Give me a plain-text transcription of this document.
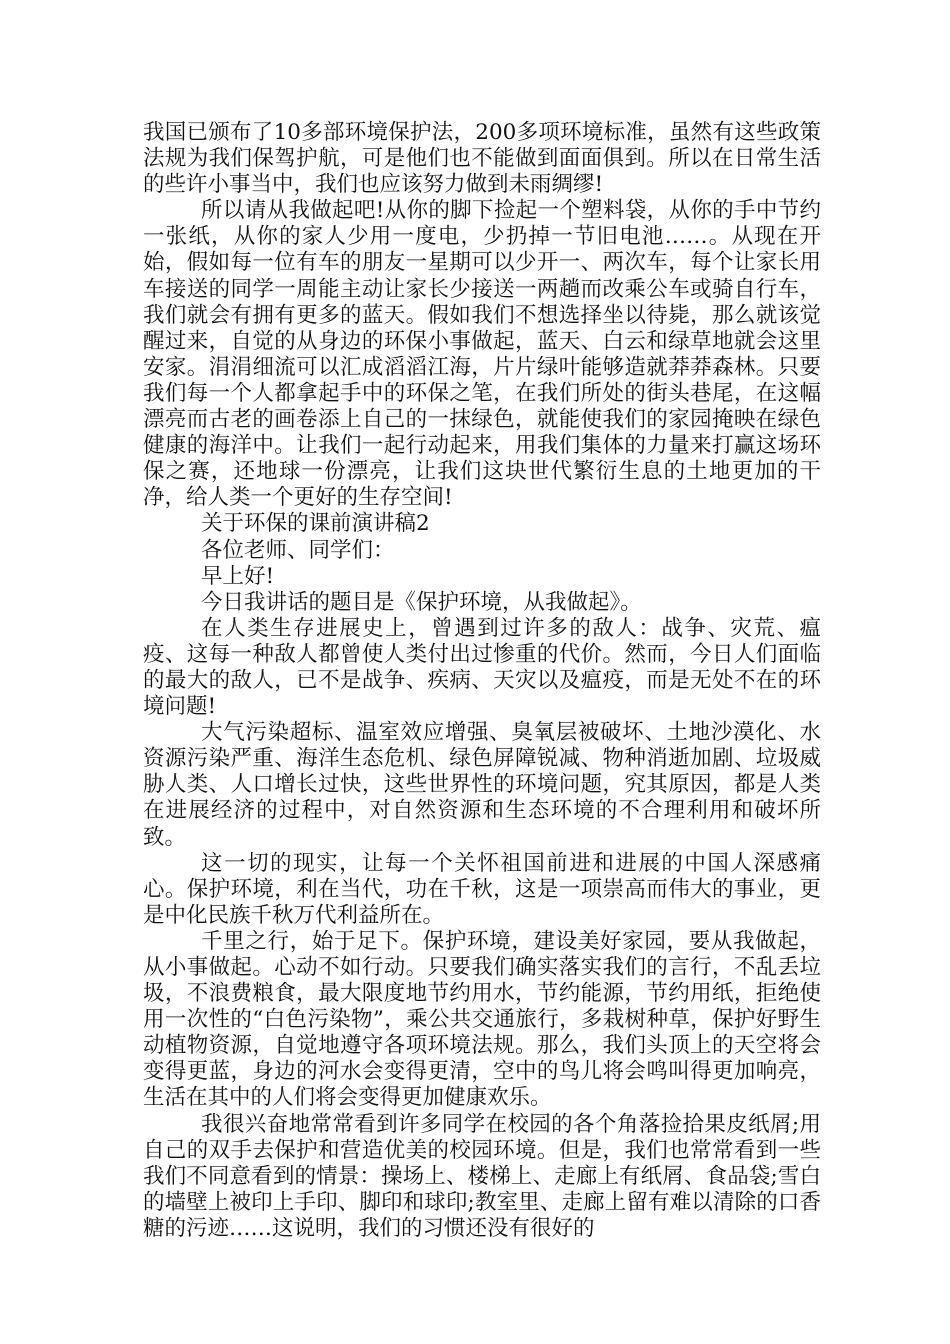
我国已颁布了10多部环境保护法，200多项环境标准，虽然有这些政策法规为我们保驾护航，可是他们也不能做到面面俱到。所以在日常生活的些许小事当中，我们也应该努力做到未雨绸缪!

所以请从我做起吧!从你的脚下捡起一个塑料袋，从你的手中节约一张纸，从你的家人少用一度电，少扔掉一节旧电池……。从现在开始，假如每一位有车的朋友一星期可以少开一、两次车，每个让家长用车接送的同学一周能主动让家长少接送一两趟而改乘公车或骑自行车，我们就会有拥有更多的蓝天。假如我们不想选择坐以待毙，那么就该觉醒过来，自觉的从身边的环保小事做起，蓝天、白云和绿草地就会这里安家。涓涓细流可以汇成滔滔江海，片片绿叶能够造就莽莽森林。只要我们每一个人都拿起手中的环保之笔，在我们所处的街头巷尾，在这幅漂亮而古老的画卷添上自己的一抹绿色，就能使我们的家园掩映在绿色健康的海洋中。让我们一起行动起来，用我们集体的力量来打赢这场环保之赛，还地球一份漂亮，让我们这块世代繁衍生息的土地更加的干净，给人类一个更好的生存空间!

关于环保的课前演讲稿2

各位老师、同学们：

早上好!

今日我讲话的题目是《保护环境，从我做起》。

在人类生存进展史上，曾遇到过许多的敌人：战争、灾荒、瘟疫、这每一种敌人都曾使人类付出过惨重的代价。然而，今日人们面临的最大的敌人，已不是战争、疾病、天灾以及瘟疫，而是无处不在的环境问题!

大气污染超标、温室效应增强、臭氧层被破坏、土地沙漠化、水资源污染严重、海洋生态危机、绿色屏障锐减、物种消逝加剧、垃圾威胁人类、人口增长过快，这些世界性的环境问题，究其原因，都是人类在进展经济的过程中，对自然资源和生态环境的不合理利用和破坏所致。

这一切的现实，让每一个关怀祖国前进和进展的中国人深感痛心。保护环境，利在当代，功在千秋，这是一项崇高而伟大的事业，更是中化民族千秋万代利益所在。

千里之行，始于足下。保护环境，建设美好家园，要从我做起，从小事做起。心动不如行动。只要我们确实落实我们的言行，不乱丢垃圾，不浪费粮食，最大限度地节约用水，节约能源，节约用纸，拒绝使用一次性的“白色污染物”，乘公共交通旅行，多栽树种草，保护好野生动植物资源，自觉地遵守各项环境法规。那么，我们头顶上的天空将会变得更蓝，身边的河水会变得更清，空中的鸟儿将会鸣叫得更加响亮，生活在其中的人们将会变得更加健康欢乐。

我很兴奋地常常看到许多同学在校园的各个角落捡拾果皮纸屑;用自己的双手去保护和营造优美的校园环境。但是，我们也常常看到一些我们不同意看到的情景：操场上、楼梯上、走廊上有纸屑、食品袋;雪白的墙壁上被印上手印、脚印和球印;教室里、走廊上留有难以清除的口香糖的污迹……这说明，我们的习惯还没有很好的
